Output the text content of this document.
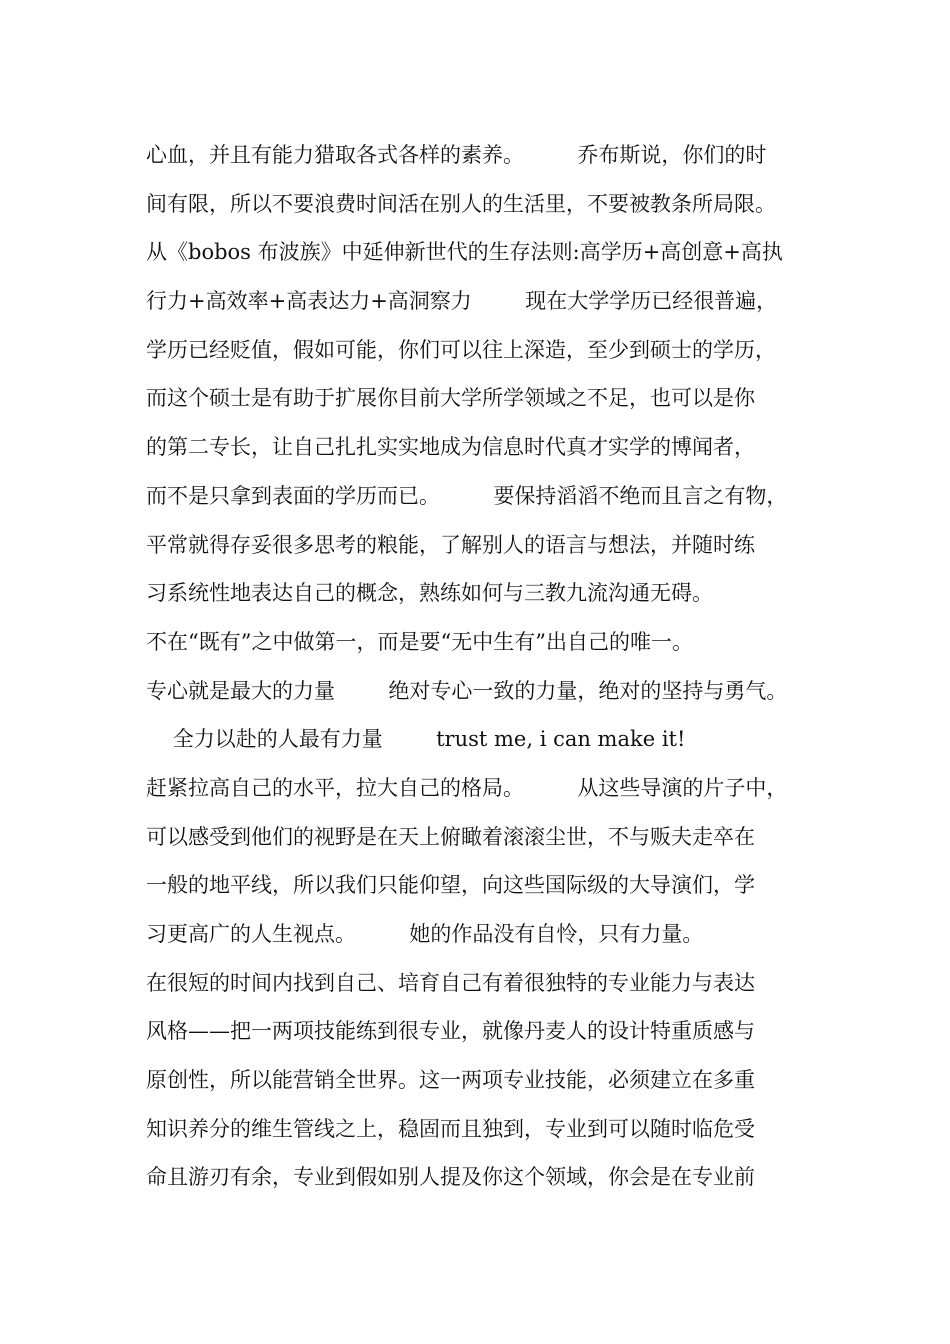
心血，并且有能力猎取各式各样的素养。        乔布斯说，你们的时
间有限，所以不要浪费时间活在别人的生活里，不要被教条所局限。
从《bobos 布波族》中延伸新世代的生存法则:高学历+高创意+高执
行力+高效率+高表达力+高洞察力        现在大学学历已经很普遍，
学历已经贬值，假如可能，你们可以往上深造，至少到硕士的学历，
而这个硕士是有助于扩展你目前大学所学领域之不足，也可以是你
的第二专长，让自己扎扎实实地成为信息时代真才实学的博闻者，
而不是只拿到表面的学历而已。        要保持滔滔不绝而且言之有物，
平常就得存妥很多思考的粮能，了解别人的语言与想法，并随时练
习系统性地表达自己的概念，熟练如何与三教九流沟通无碍。
不在“既有”之中做第一，而是要“无中生有”出自己的唯一。
专心就是最大的力量        绝对专心一致的力量，绝对的坚持与勇气。
全力以赴的人最有力量        trust me, i can make it!
赶紧拉高自己的水平，拉大自己的格局。        从这些导演的片子中，
可以感受到他们的视野是在天上俯瞰着滚滚尘世，不与贩夫走卒在
一般的地平线，所以我们只能仰望，向这些国际级的大导演们，学
习更高广的人生视点。        她的作品没有自怜，只有力量。
在很短的时间内找到自己、培育自己有着很独特的专业能力与表达
风格——把一两项技能练到很专业，就像丹麦人的设计特重质感与
原创性，所以能营销全世界。这一两项专业技能，必须建立在多重
知识养分的维生管线之上，稳固而且独到，专业到可以随时临危受
命且游刃有余，专业到假如别人提及你这个领域，你会是在专业前
